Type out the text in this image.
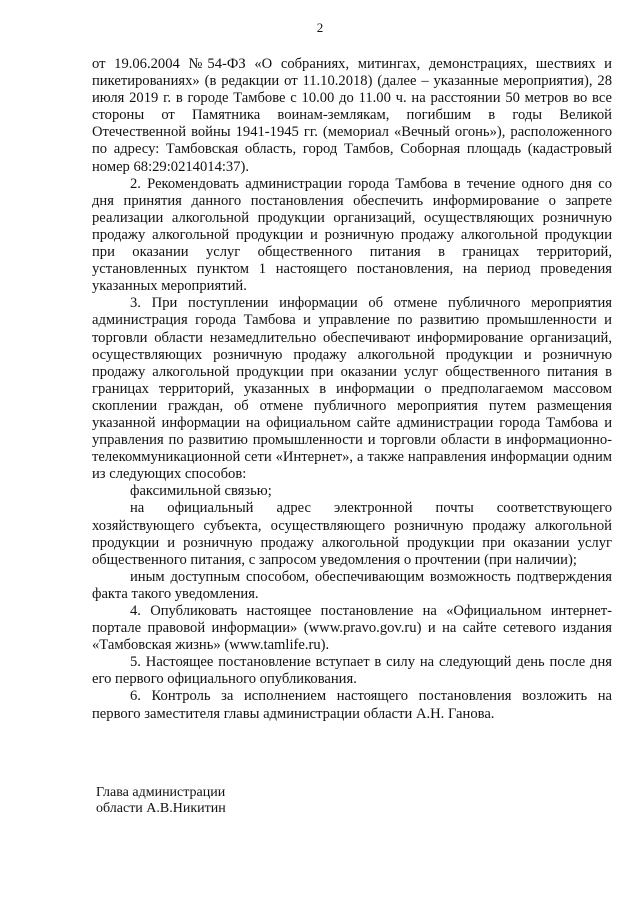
2

от 19.06.2004 №54-ФЗ «О собраниях, митингах, демонстрациях, шествиях и пикетированиях» (в редакции от 11.10.2018) (далее – указанные мероприятия), 28 июля 2019 г. в городе Тамбове с 10.00 до 11.00 ч. на расстоянии 50 метров во все стороны от Памятника воинам-землякам, погибшим в годы Великой Отечественной войны 1941-1945 гг. (мемориал «Вечный огонь»), расположенного по адресу: Тамбовская область, город Тамбов, Соборная площадь (кадастровый номер 68:29:0214014:37).

2. Рекомендовать администрации города Тамбова в течение одного дня со дня принятия данного постановления обеспечить информирование о запрете реализации алкогольной продукции организаций, осуществляющих розничную продажу алкогольной продукции и розничную продажу алкогольной продукции при оказании услуг общественного питания в границах территорий, установленных пунктом 1 настоящего постановления, на период проведения указанных мероприятий.

3. При поступлении информации об отмене публичного мероприятия администрация города Тамбова и управление по развитию промышленности и торговли области незамедлительно обеспечивают информирование организаций, осуществляющих розничную продажу алкогольной продукции и розничную продажу алкогольной продукции при оказании услуг общественного питания в границах территорий, указанных в информации о предполагаемом массовом скоплении граждан, об отмене публичного мероприятия путем размещения указанной информации на официальном сайте администрации города Тамбова и управления по развитию промышленности и торговли области в информационно-телекоммуникационной сети «Интернет», а также направления информации одним из следующих способов:

факсимильной связью;

на официальный адрес электронной почты соответствующего хозяйствующего субъекта, осуществляющего розничную продажу алкогольной продукции и розничную продажу алкогольной продукции при оказании услуг общественного питания, с запросом уведомления о прочтении (при наличии);

иным доступным способом, обеспечивающим возможность подтверждения факта такого уведомления.

4. Опубликовать настоящее постановление на «Официальном интернет-портале правовой информации» (www.pravo.gov.ru) и на сайте сетевого издания «Тамбовская жизнь» (www.tamlife.ru).

5. Настоящее постановление вступает в силу на следующий день после дня его первого официального опубликования.

6. Контроль за исполнением настоящего постановления возложить на первого заместителя главы администрации области А.Н. Ганова.

Глава администрации
области А.В.Никитин
